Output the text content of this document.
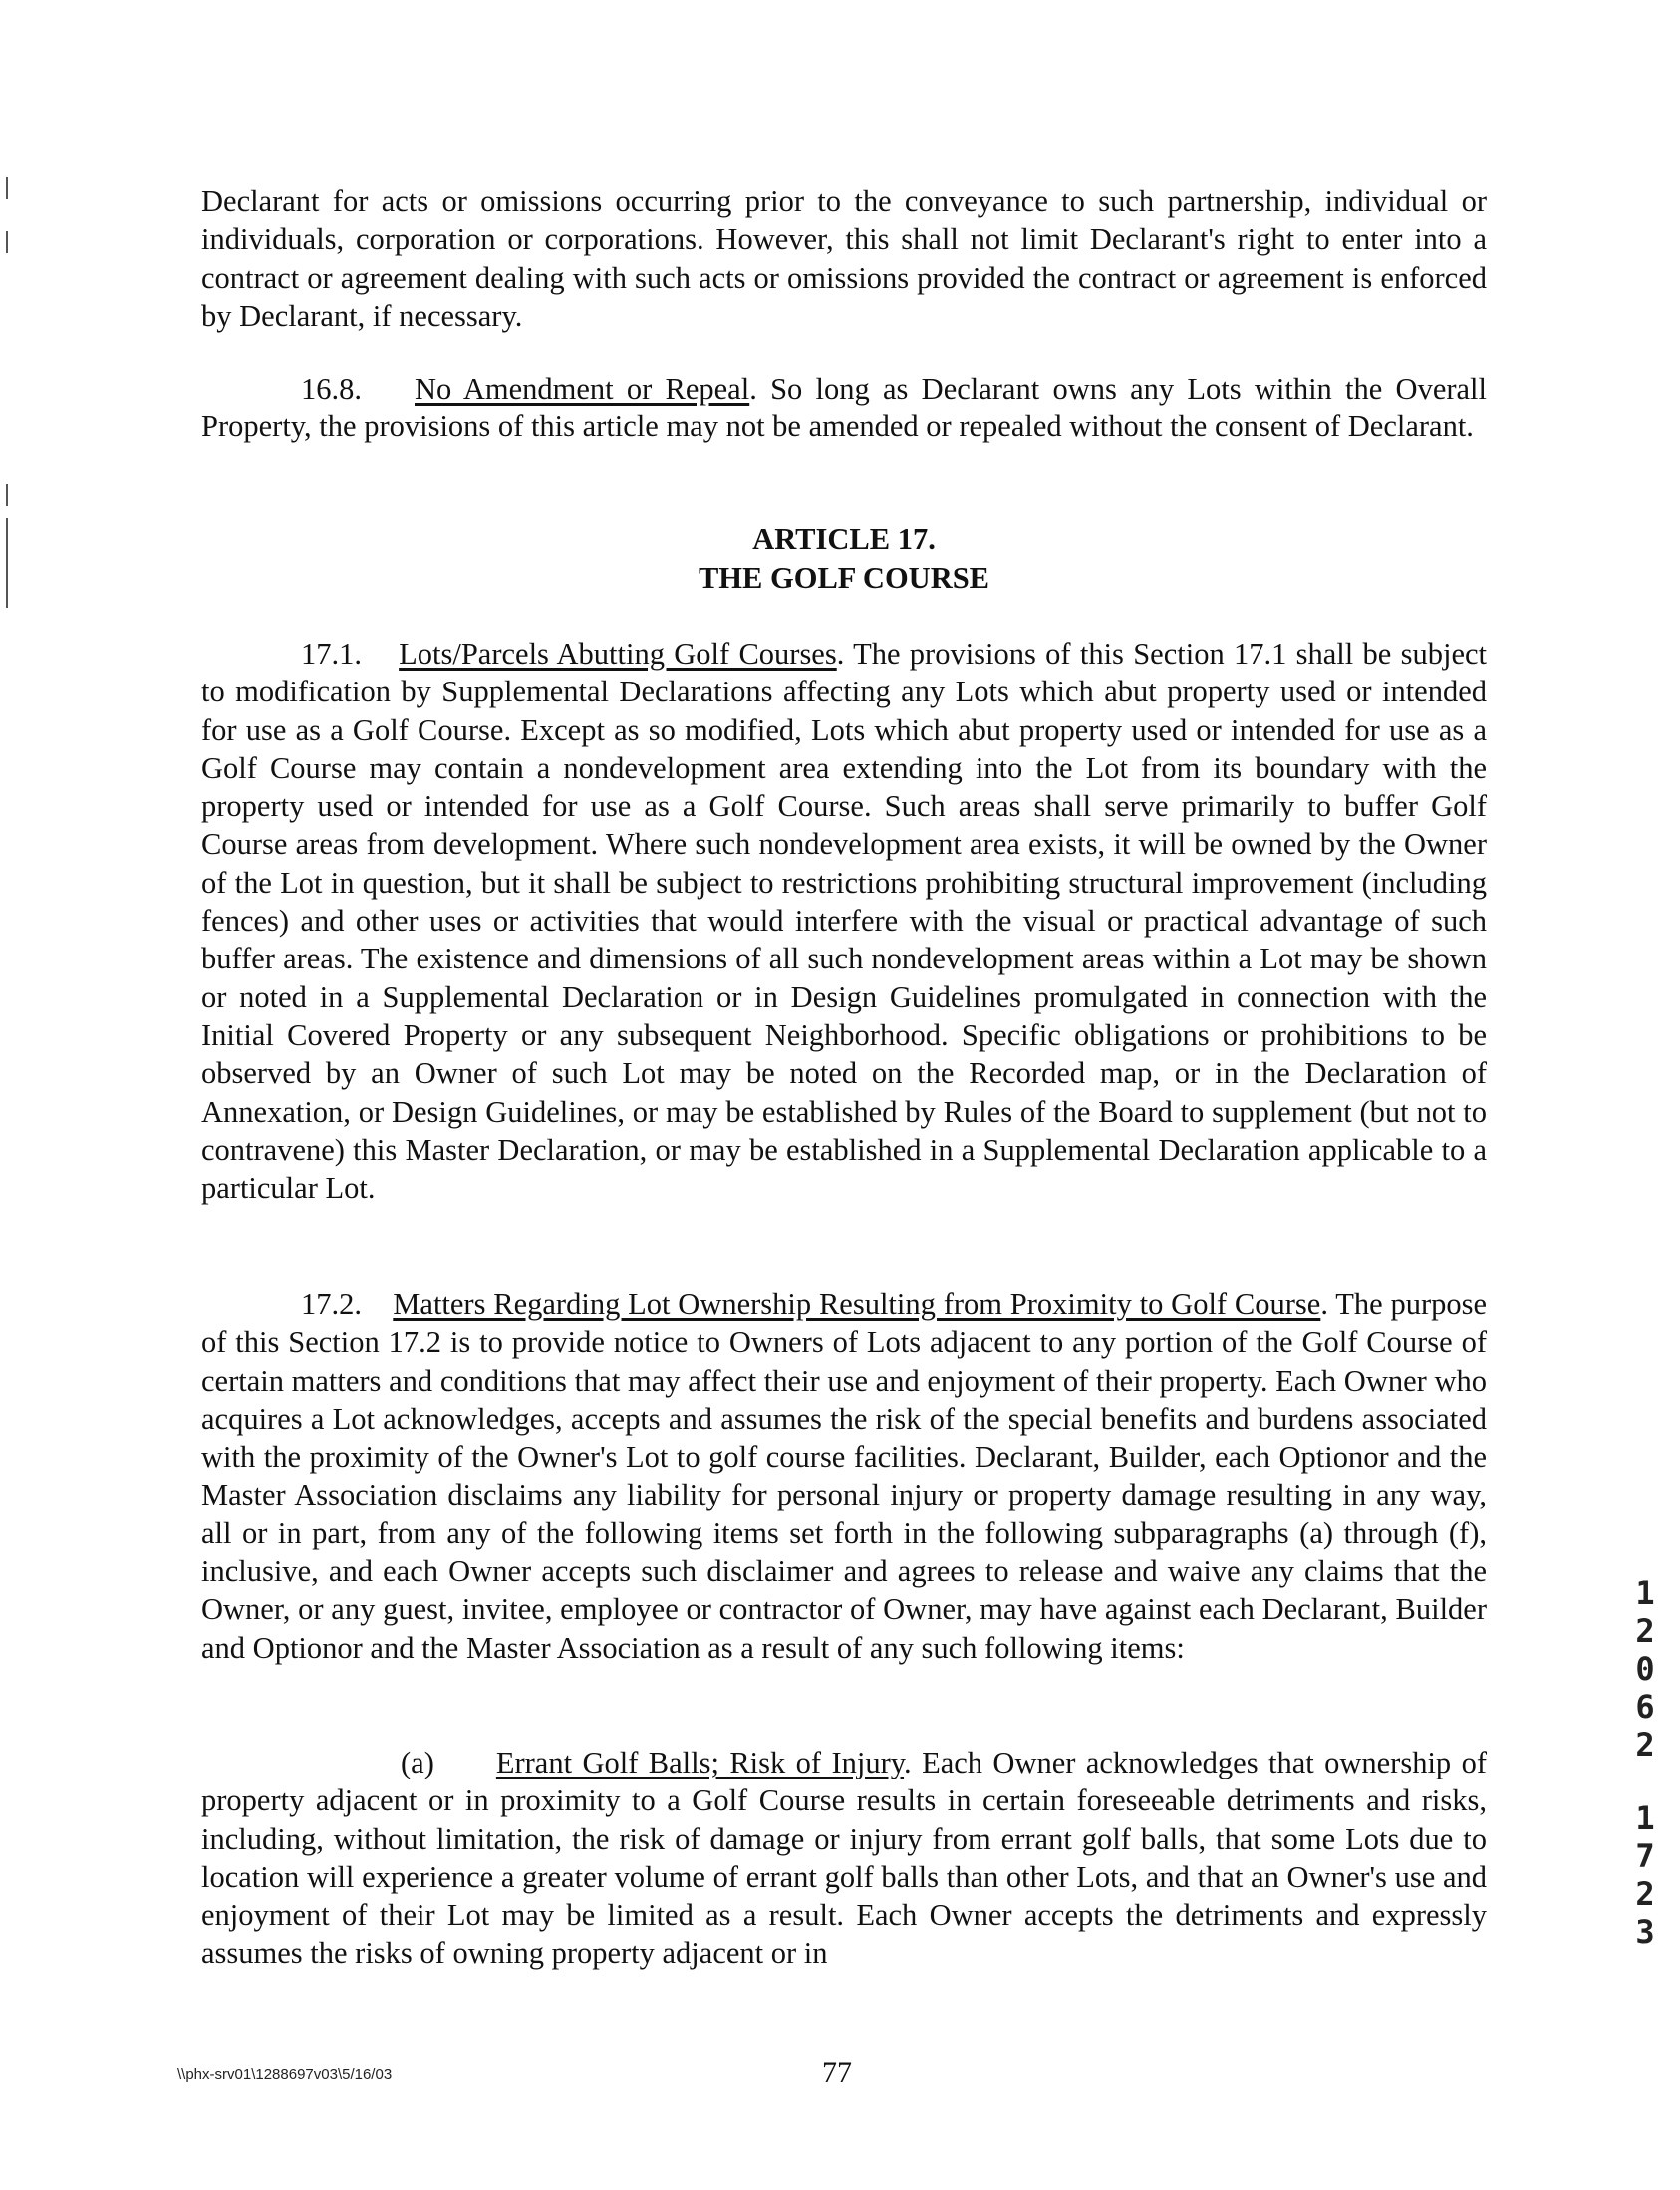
Declarant for acts or omissions occurring prior to the conveyance to such partnership, individual or individuals, corporation or corporations. However, this shall not limit Declarant's right to enter into a contract or agreement dealing with such acts or omissions provided the contract or agreement is enforced by Declarant, if necessary.

16.8. No Amendment or Repeal. So long as Declarant owns any Lots within the Overall Property, the provisions of this article may not be amended or repealed without the consent of Declarant.

ARTICLE 17.
THE GOLF COURSE

17.1. Lots/Parcels Abutting Golf Courses. The provisions of this Section 17.1 shall be subject to modification by Supplemental Declarations affecting any Lots which abut property used or intended for use as a Golf Course. Except as so modified, Lots which abut property used or intended for use as a Golf Course may contain a nondevelopment area extending into the Lot from its boundary with the property used or intended for use as a Golf Course. Such areas shall serve primarily to buffer Golf Course areas from development. Where such nondevelopment area exists, it will be owned by the Owner of the Lot in question, but it shall be subject to restrictions prohibiting structural improvement (including fences) and other uses or activities that would interfere with the visual or practical advantage of such buffer areas. The existence and dimensions of all such nondevelopment areas within a Lot may be shown or noted in a Supplemental Declaration or in Design Guidelines promulgated in connection with the Initial Covered Property or any subsequent Neighborhood. Specific obligations or prohibitions to be observed by an Owner of such Lot may be noted on the Recorded map, or in the Declaration of Annexation, or Design Guidelines, or may be established by Rules of the Board to supplement (but not to contravene) this Master Declaration, or may be established in a Supplemental Declaration applicable to a particular Lot.

17.2. Matters Regarding Lot Ownership Resulting from Proximity to Golf Course. The purpose of this Section 17.2 is to provide notice to Owners of Lots adjacent to any portion of the Golf Course of certain matters and conditions that may affect their use and enjoyment of their property. Each Owner who acquires a Lot acknowledges, accepts and assumes the risk of the special benefits and burdens associated with the proximity of the Owner's Lot to golf course facilities. Declarant, Builder, each Optionor and the Master Association disclaims any liability for personal injury or property damage resulting in any way, all or in part, from any of the following items set forth in the following subparagraphs (a) through (f), inclusive, and each Owner accepts such disclaimer and agrees to release and waive any claims that the Owner, or any guest, invitee, employee or contractor of Owner, may have against each Declarant, Builder and Optionor and the Master Association as a result of any such following items:

(a) Errant Golf Balls; Risk of Injury. Each Owner acknowledges that ownership of property adjacent or in proximity to a Golf Course results in certain foreseeable detriments and risks, including, without limitation, the risk of damage or injury from errant golf balls, that some Lots due to location will experience a greater volume of errant golf balls than other Lots, and that an Owner's use and enjoyment of their Lot may be limited as a result. Each Owner accepts the detriments and expressly assumes the risks of owning property adjacent or in

1
2
0
6
2
1
7
2
3
\\phx-srv01\1288697v03\5/16/03	77
